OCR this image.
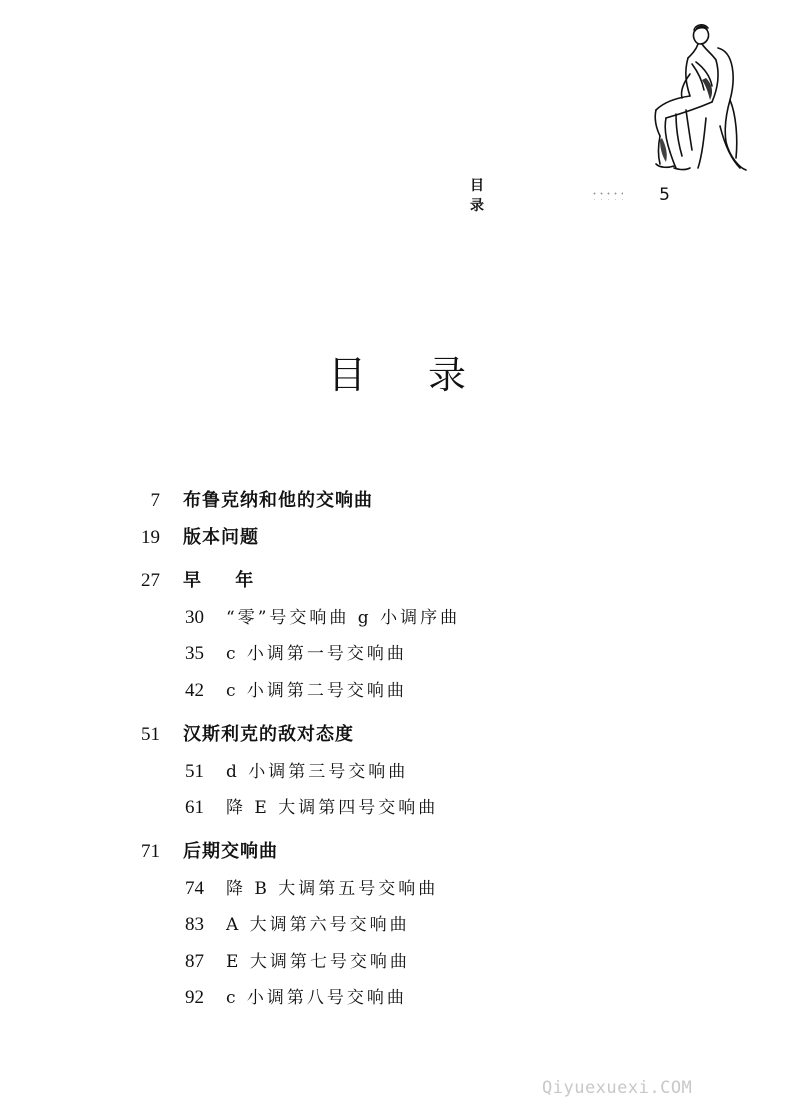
目 录
5
目录
7 布鲁克纳和他的交响曲
19 版本问题
27 早 年
30 “零”号交响曲 g 小调序曲
35 c 小调第一号交响曲
42 c 小调第二号交响曲
51 汉斯利克的敌对态度
51 d 小调第三号交响曲
61 降 E 大调第四号交响曲
71 后期交响曲
74 降 B 大调第五号交响曲
83 A 大调第六号交响曲
87 E 大调第七号交响曲
92 c 小调第八号交响曲
Qiyuexuexi.COM
